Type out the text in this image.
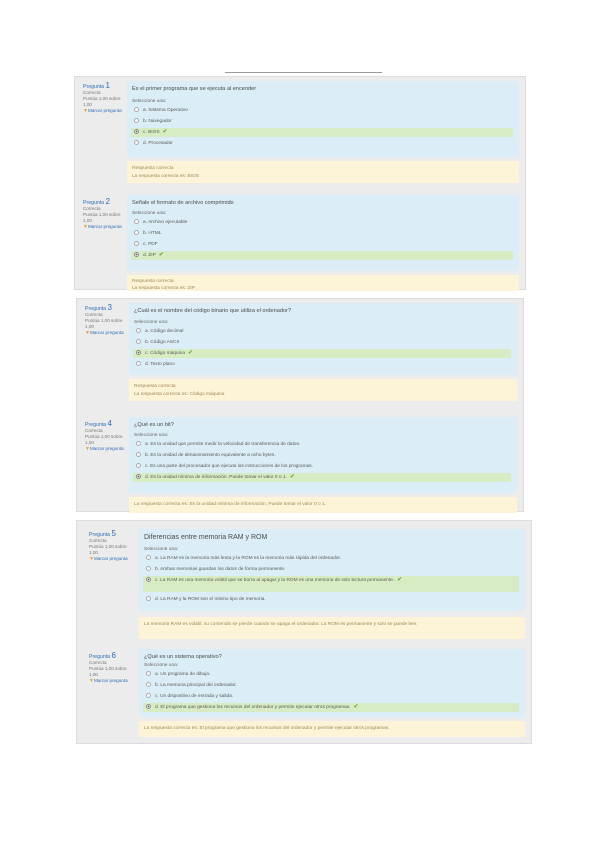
Pregunta 1
Correcta
Puntúa 1,00 sobre 1,00
▼ Marcar pregunta
Es el primer programa que se ejecuta al encender
Seleccione una:
a. Sistema Operativo
b. Navegador
c. BIOS ✔
d. Procesador
Respuesta correcta
La respuesta correcta es: BIOS
Pregunta 2
Correcta
Puntúa 1,00 sobre 1,00
▼ Marcar pregunta
Señale el formato de archivo comprimido
Seleccione una:
a. Archivo ejecutable
b. HTML
c. PDF
d. ZIP ✔
Respuesta correcta
La respuesta correcta es: ZIP
Pregunta 3
Correcta
Puntúa 1,00 sobre 1,00
▼ Marcar pregunta
¿Cuál es el nombre del código binario que utiliza el ordenador?
Seleccione una:
a. Código decimal
b. Código ASCII
c. Código máquina ✔
d. Texto plano
Respuesta correcta
La respuesta correcta es: Código máquina
Pregunta 4
Correcta
Puntúa 1,00 sobre 1,00
▼ Marcar pregunta
¿Qué es un bit?
Seleccione una:
a. Es la unidad que permite medir la velocidad de transferencia de datos.
b. Es la unidad de almacenamiento equivalente a ocho bytes.
c. Es una parte del procesador que ejecuta las instrucciones de los programas.
d. Es la unidad mínima de información. Puede tomar el valor 0 o 1. ✔
La respuesta correcta es: Es la unidad mínima de información. Puede tomar el valor 0 o 1.
Pregunta 5
Correcta
Puntúa 1,00 sobre 1,00
▼ Marcar pregunta
Diferencias entre memoria RAM y ROM
Seleccione una:
a. La RAM es la memoria más lenta y la ROM es la memoria más rápida del ordenador.
b. Ambas memorias guardan los datos de forma permanente.
c. La RAM es una memoria volátil que se borra al apagar y la ROM es una memoria de solo lectura permanente. ✔
d. La RAM y la ROM son el mismo tipo de memoria.
La memoria RAM es volátil: su contenido se pierde cuando se apaga el ordenador. La ROM es permanente y solo se puede leer.
Pregunta 6
Correcta
Puntúa 1,00 sobre 1,00
▼ Marcar pregunta
¿Qué es un sistema operativo?
Seleccione una:
a. Un programa de dibujo.
b. La memoria principal del ordenador.
c. Un dispositivo de entrada y salida.
d. El programa que gestiona los recursos del ordenador y permite ejecutar otros programas. ✔
La respuesta correcta es: El programa que gestiona los recursos del ordenador y permite ejecutar otros programas.
